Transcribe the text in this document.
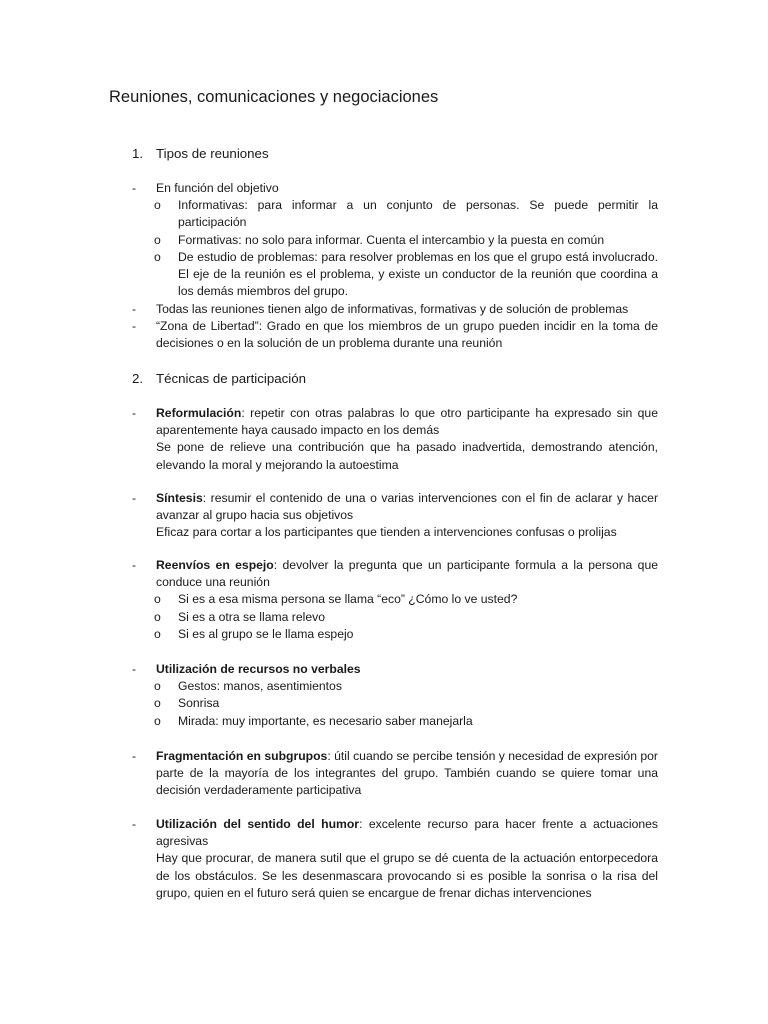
Reuniones, comunicaciones y negociaciones
1. Tipos de reuniones
- En función del objetivo

o Informativas: para informar a un conjunto de personas. Se puede permitir la participación
o Formativas: no solo para informar. Cuenta el intercambio y la puesta en común
o De estudio de problemas: para resolver problemas en los que el grupo está involucrado. El eje de la reunión es el problema, y existe un conductor de la reunión que coordina a los demás miembros del grupo.
- Todas las reuniones tienen algo de informativas, formativas y de solución de problemas

- “Zona de Libertad”: Grado en que los miembros de un grupo pueden incidir en la toma de decisiones o en la solución de un problema durante una reunión

2. Técnicas de participación
- Reformulación: repetir con otras palabras lo que otro participante ha expresado sin que aparentemente haya causado impacto en los demás

Se pone de relieve una contribución que ha pasado inadvertida, demostrando atención, elevando la moral y mejorando la autoestima

- Síntesis: resumir el contenido de una o varias intervenciones con el fin de aclarar y hacer avanzar al grupo hacia sus objetivos

Eficaz para cortar a los participantes que tienden a intervenciones confusas o prolijas

- Reenvíos en espejo: devolver la pregunta que un participante formula a la persona que conduce una reunión

o Si es a esa misma persona se llama “eco” ¿Cómo lo ve usted?
o Si es a otra se llama relevo
o Si es al grupo se le llama espejo
- Utilización de recursos no verbales

o Gestos: manos, asentimientos
o Sonrisa
o Mirada: muy importante, es necesario saber manejarla
- Fragmentación en subgrupos: útil cuando se percibe tensión y necesidad de expresión por parte de la mayoría de los integrantes del grupo. También cuando se quiere tomar una decisión verdaderamente participativa

- Utilización del sentido del humor: excelente recurso para hacer frente a actuaciones agresivas

Hay que procurar, de manera sutil que el grupo se dé cuenta de la actuación entorpecedora de los obstáculos. Se les desenmascara provocando si es posible la sonrisa o la risa del grupo, quien en el futuro será quien se encargue de frenar dichas intervenciones
